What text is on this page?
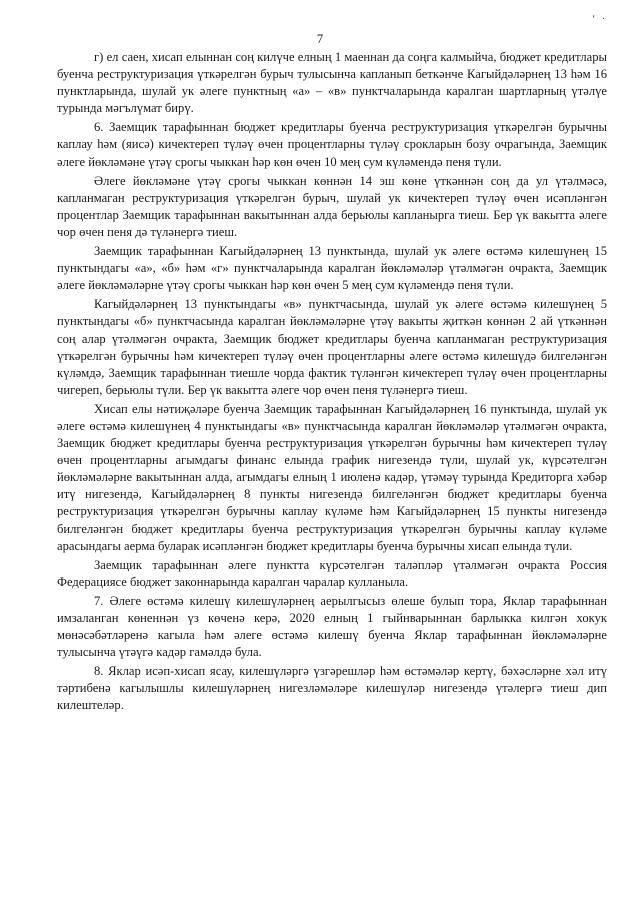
‘ ·
7

г) ел саен, хисап елыннан соң килүче елның 1 маеннан да соңга калмыйча, бюджет кредитлары буенча реструктуризация үткәрелгән бурыч тулысынча капланып беткәнче Кагыйдәләрнең 13 һәм 16 пунктларында, шулай ук әлеге пунктның «а» – «в» пунктчаларында каралган шартларның үтәлүе турында мәгълүмат бирү.

6. Заемщик тарафыннан бюджет кредитлары буенча реструктуризация үткәрелгән бурычны каплау һәм (яисә) кичектереп түләү өчен процентларны түләү срокларын бозу очрагында, Заемщик әлеге йөкләмәне үтәү срогы чыккан һәр көн өчен 10 мең сум күләмендә пеня түли.

Әлеге йөкләмәне үтәү срогы чыккан көннән 14 эш көне үткәннән соң да ул үтәлмәсә, капланмаган реструктуризация үткәрелгән бурыч, шулай ук кичектереп түләү өчен исәпләнгән процентлар Заемщик тарафыннан вакытыннан алда берьюлы капланырга тиеш. Бер үк вакытта әлеге чор өчен пеня дә түләнергә тиеш.

Заемщик тарафыннан Кагыйдәләрнең 13 пунктында, шулай ук әлеге өстәмә килешүнең 15 пунктындагы «а», «б» һәм «г» пунктчаларында каралган йөкләмәләр үтәлмәгән очракта, Заемщик әлеге йөкләмәләрне үтәү срогы чыккан һәр көн өчен 5 мең сум күләмендә пеня түли.

Кагыйдәләрнең 13 пунктындагы «в» пунктчасында, шулай ук әлеге өстәмә килешүнең 5 пунктындагы «б» пунктчасында каралган йөкләмәләрне үтәү вакыты җиткән көннән 2 ай үткәннән соң алар үтәлмәгән очракта, Заемщик бюджет кредитлары буенча капланмаган реструктуризация үткәрелгән бурычны һәм кичектереп түләү өчен процентларны әлеге өстәмә килешүдә билгеләнгән күләмдә, Заемщик тарафыннан тиешле чорда фактик түләнгән кичектереп түләү өчен процентларны чигереп, берьюлы түли. Бер үк вакытта әлеге чор өчен пеня түләнергә тиеш.

Хисап елы нәтиҗәләре буенча Заемщик тарафыннан Кагыйдәләрнең 16 пунктында, шулай ук әлеге өстәмә килешүнең 4 пунктындагы «в» пунктчасында каралган йөкләмәләр үтәлмәгән очракта, Заемщик бюджет кредитлары буенча реструктуризация үткәрелгән бурычны һәм кичектереп түләү өчен процентларны агымдагы финанс елында график нигезендә түли, шулай ук, күрсәтелгән йөкләмәләрне вакытыннан алда, агымдагы елның 1 июленә кадәр, үтәмәү турында Кредиторга хәбәр итү нигезендә, Кагыйдәләрнең 8 пункты нигезендә билгеләнгән бюджет кредитлары буенча реструктуризация үткәрелгән бурычны каплау күләме һәм Кагыйдәләрнең 15 пункты нигезендә билгеләнгән бюджет кредитлары буенча реструктуризация үткәрелгән бурычны каплау күләме арасындагы аерма буларак исәпләнгән бюджет кредитлары буенча бурычны хисап елында түли.

Заемщик тарафыннан әлеге пунктта күрсәтелгән таләпләр үтәлмәгән очракта Россия Федерациясе бюджет законнарында каралган чаралар кулланыла.

7. Әлеге өстәмә килешү килешүләрнең аерылгысыз өлеше булып тора, Яклар тарафыннан имзаланган көненнән үз көченә керә, 2020 елның 1 гыйнварыннан барлыкка килгән хокук мөнәсәбәтләренә кагыла һәм әлеге өстәмә килешү буенча Яклар тарафыннан йөкләмәләрне тулысынча үтәүгә кадәр гамәлдә була.

8. Яклар исәп-хисап ясау, килешүләргә үзгәрешләр һәм өстәмәләр кертү, бәхәсләрне хәл итү тәртибенә кагылышлы килешүләрнең нигезләмәләре килешүләр нигезендә үтәлергә тиеш дип килештеләр.
